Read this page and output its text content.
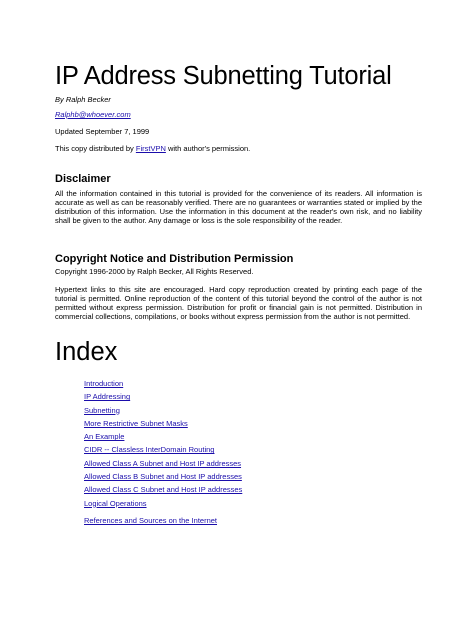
IP Address Subnetting Tutorial
By Ralph Becker
Ralphb@whoever.com
Updated September 7, 1999
This copy distributed by FirstVPN with author's permission.
Disclaimer
All the information contained in this tutorial is provided for the convenience of its readers. All information is accurate as well as can be reasonably verified. There are no guarantees or warranties stated or implied by the distribution of this information. Use the information in this document at the reader's own risk, and no liability shall be given to the author. Any damage or loss is the sole responsibility of the reader.
Copyright Notice and Distribution Permission
Copyright 1996-2000 by Ralph Becker, All Rights Reserved.
Hypertext links to this site are encouraged. Hard copy reproduction created by printing each page of the tutorial is permitted. Online reproduction of the content of this tutorial beyond the control of the author is not permitted without express permission. Distribution for profit or financial gain is not permitted. Distribution in commercial collections, compilations, or books without express permission from the author is not permitted.
Index
Introduction
IP Addressing
Subnetting
More Restrictive Subnet Masks
An Example
CIDR -- Classless InterDomain Routing
Allowed Class A Subnet and Host IP addresses
Allowed Class B Subnet and Host IP addresses
Allowed Class C Subnet and Host IP addresses
Logical Operations
References and Sources on the Internet
